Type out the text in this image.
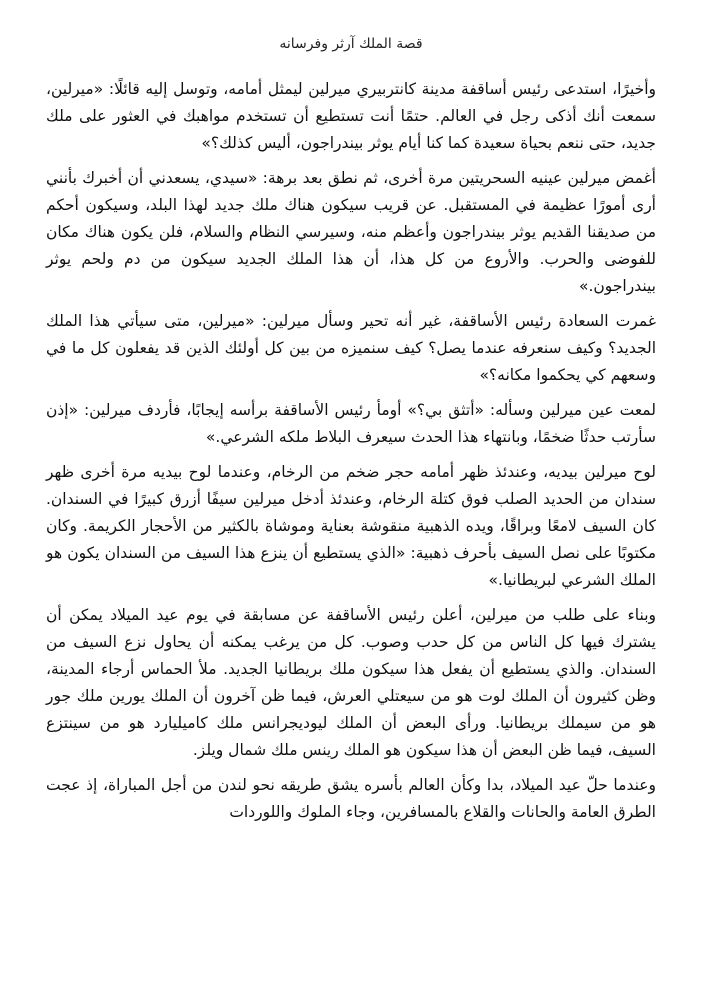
قصة الملك آرثر وفرسانه

وأخيرًا، استدعى رئيس أساقفة مدينة كانتربيري ميرلين ليمثل أمامه، وتوسل إليه قائلًا: «ميرلين، سمعت أنك أذكى رجل في العالم. حتمًا أنت تستطيع أن تستخدم مواهبك في العثور على ملك جديد، حتى ننعم بحياة سعيدة كما كنا أيام يوثر بيندراجون، أليس كذلك؟»

أغمض ميرلين عينيه السحريتين مرة أخرى، ثم نطق بعد برهة: «سيدي، يسعدني أن أخبرك بأنني أرى أمورًا عظيمة في المستقبل. عن قريب سيكون هناك ملك جديد لهذا البلد، وسيكون أحكم من صديقنا القديم يوثر بيندراجون وأعظم منه، وسيرسي النظام والسلام، فلن يكون هناك مكان للفوضى والحرب. والأروع من كل هذا، أن هذا الملك الجديد سيكون من دم ولحم يوثر بيندراجون.»

غمرت السعادة رئيس الأساقفة، غير أنه تحير وسأل ميرلين: «ميرلين، متى سيأتي هذا الملك الجديد؟ وكيف سنعرفه عندما يصل؟ كيف سنميزه من بين كل أولئك الذين قد يفعلون كل ما في وسعهم كي يحكموا مكانه؟»

لمعت عين ميرلين وسأله: «أتثق بي؟» أومأ رئيس الأساقفة برأسه إيجابًا، فأردف ميرلين: «إذن سأرتب حدثًا ضخمًا، وبانتهاء هذا الحدث سيعرف البلاط ملكه الشرعي.»

لوح ميرلين بيديه، وعندئذ ظهر أمامه حجر ضخم من الرخام، وعندما لوح بيديه مرة أخرى ظهر سندان من الحديد الصلب فوق كتلة الرخام، وعندئذ أدخل ميرلين سيفًا أزرق كبيرًا في السندان. كان السيف لامعًا وبراقًا، ويده الذهبية منقوشة بعناية وموشاة بالكثير من الأحجار الكريمة. وكان مكتوبًا على نصل السيف بأحرف ذهبية: «الذي يستطيع أن ينزع هذا السيف من السندان يكون هو الملك الشرعي لبريطانيا.»

وبناء على طلب من ميرلين، أعلن رئيس الأساقفة عن مسابقة في يوم عيد الميلاد يمكن أن يشترك فيها كل الناس من كل حدب وصوب. كل من يرغب يمكنه أن يحاول نزع السيف من السندان. والذي يستطيع أن يفعل هذا سيكون ملك بريطانيا الجديد. ملأ الحماس أرجاء المدينة، وظن كثيرون أن الملك لوت هو من سيعتلي العرش، فيما ظن آخرون أن الملك يورين ملك جور هو من سيملك بريطانيا. ورأى البعض أن الملك ليوديجرانس ملك كاميليارد هو من سينتزع السيف، فيما ظن البعض أن هذا سيكون هو الملك رينس ملك شمال ويلز.

وعندما حلّ عيد الميلاد، بدا وكأن العالم بأسره يشق طريقه نحو لندن من أجل المباراة، إذ عجت الطرق العامة والحانات والقلاع بالمسافرين، وجاء الملوك واللوردات
